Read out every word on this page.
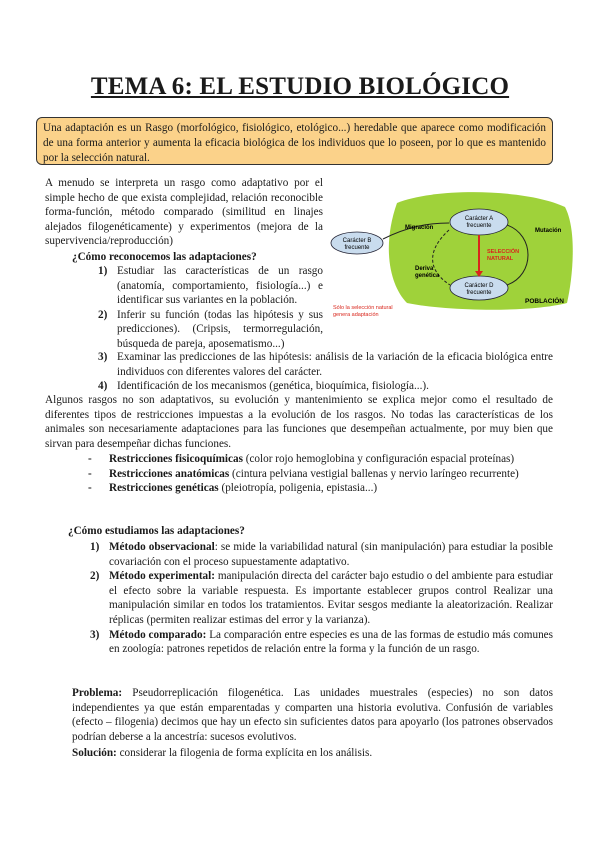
TEMA 6: EL ESTUDIO BIOLÓGICO
Una adaptación es un Rasgo (morfológico, fisiológico, etológico...) heredable que aparece como modificación de una forma anterior y aumenta la eficacia biológica de los individuos que lo poseen, por lo que es mantenido por la selección natural.
A menudo se interpreta un rasgo como adaptativo por el simple hecho de que exista complejidad, relación reconocible forma-función, método comparado (similitud en linajes alejados filogenéticamente) y experimentos (mejora de la supervivencia/reproducción)
Carácter A
frecuente
Carácter D
frecuente
Carácter B
frecuente
Migración	Mutación
SELECCIÓN
NATURAL
Deriva
genética
POBLACIÓN
Sólo la selección natural
genera adaptación
¿Cómo reconocemos las adaptaciones?
1) Estudiar las características de un rasgo (anatomía, comportamiento, fisiología...) e identificar sus variantes en la población.
2) Inferir su función (todas las hipótesis y sus predicciones). (Cripsis, termorregulación, búsqueda de pareja, aposematismo...)
3) Examinar las predicciones de las hipótesis: análisis de la variación de la eficacia biológica entre individuos con diferentes valores del carácter.
4) Identificación de los mecanismos (genética, bioquímica, fisiología...).
Algunos rasgos no son adaptativos, su evolución y mantenimiento se explica mejor como el resultado de diferentes tipos de restricciones impuestas a la evolución de los rasgos. No todas las características de los animales son necesariamente adaptaciones para las funciones que desempeñan actualmente, por muy bien que sirvan para desempeñar dichas funciones.
- Restricciones fisicoquímicas (color rojo hemoglobina y configuración espacial proteínas)
- Restricciones anatómicas (cintura pelviana vestigial ballenas y nervio laríngeo recurrente)
- Restricciones genéticas (pleiotropía, poligenia, epistasia...)
¿Cómo estudiamos las adaptaciones?
1) Método observacional: se mide la variabilidad natural (sin manipulación) para estudiar la posible covariación con el proceso supuestamente adaptativo.
2) Método experimental: manipulación directa del carácter bajo estudio o del ambiente para estudiar el efecto sobre la variable respuesta. Es importante establecer grupos control Realizar una manipulación similar en todos los tratamientos. Evitar sesgos mediante la aleatorización. Realizar réplicas (permiten realizar estimas del error y la varianza).
3) Método comparado: La comparación entre especies es una de las formas de estudio más comunes en zoología: patrones repetidos de relación entre la forma y la función de un rasgo.
Problema: Pseudorreplicación filogenética. Las unidades muestrales (especies) no son datos independientes ya que están emparentadas y comparten una historia evolutiva. Confusión de variables (efecto – filogenia) decimos que hay un efecto sin suficientes datos para apoyarlo (los patrones observados podrían deberse a la ancestría: sucesos evolutivos.
Solución: considerar la filogenia de forma explícita en los análisis.
